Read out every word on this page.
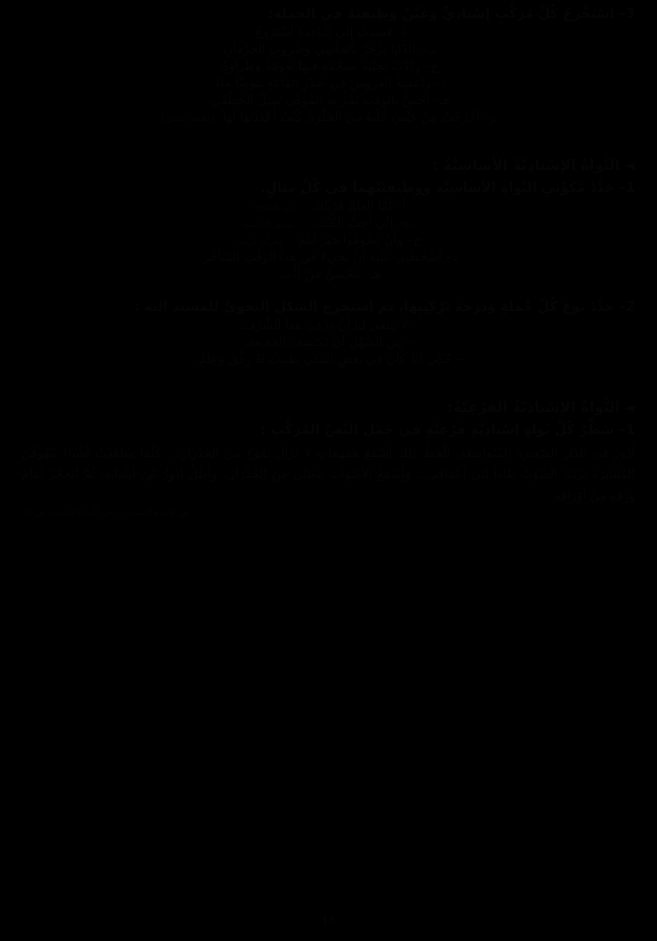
3– اسْتَخْرِجْ كُلَّ مُرَكَّبٍ إسْنادِيٍّ وَعَيِّنْ وَظِيفَتَهُ في الجملة:

أ– قصدتُ إلى النافذةِ أسْتَرْوِحُ.

ب– الدُّنْيا تَزْخَرُ بِالمآسِي وضُروبِ الحِرْمانِ.

ج– ردّدْتْ تَحِيَّتَهُ بِضَحْكَةٍ فيهَا نُعومَةٌ وطَراوَةٌ.

د– راعِشَةُ العروسِ في صَدْرِ القاعةِ تتوضَّأُ ماءً.

هـ– أحسُّ بالوقتِ يَمُرُّ به المُوَقَّى تَمِيلُ الحُطْفَى.

و– أخْرَجْتُ مِنْ جَيْبِي عُلْبَةً مِنَ الحَلْوى كُنْتُ أُعْدَدْتُهَا لَهَا. (محمود تيمور)

◄النَّواةُ الإسْنادِيَّةُ الأساسِيَّةُ :

1– حَدِّدْ مُكَوِّنَيِ النَّواةِ الأساسِيَّةِ ووظيفتَيْهِما في كُلِّ مثالٍ.

أ– أمَّا العِلمُ فَزَيِّنُكَ.   (ابن المقفع)

ب– إنِّي أُحِبُّ الكُتُبَ.   (توفيق الحكيم)

ج– وأَنْ تَصُومُوا خَيْرٌ لَكُمْ.   (قرآن كريم)

د– أسْخَطَنِي عليه أنْ يجِيءَ في هذا الوَقْتِ المُتَأخِّرِ.

هـ– مُحْسِنٌ مَنْ أُدُّبَ.

2– حَدِّدْ نوعَ كُلِّ جُملةٍ وَدَرَجَةَ تَرْكِيبِهَا، ثم استخرج الشكلَ النحويَّ للمسندِ إليه :

– لاَ ينبغي لنا أنْ ندَّعِيَ هذا الشَّرَفَ.

– مِنَ السَّهْلِ أنْ تَكتَشِفَ الخَديعةَ.

– حُكِيَ أنَّهُ كانَ في بعضِ المدنِ طبيبٌ لهُ رِفْقٌ وَعِلْمٌ.

◄النَّواةُ الإسْنادِيَّةُ الفَرْعِيَّةُ:

1– سَطِّرْ كُلَّ نَواةٍ إسْنادِيَّةٍ فَرْعِيَّةٍ في جُمَلِ النَّصِّ المُرَكَّبِ :

أدُورُ في الدَّارِ الصَّغِيرَةِ المُتَواضِعَةِ، ألْحَظُ ذَلِكَ أسْمَعُ هَمَهَمَاتٍ لاَ تَزَالُ تَقْوَحُ مِنَ الجُدْرَانِ... كُلَّمَا شَاهَدْتُ أشْيَاءَ يَنْهُوفُنَ المُتَناثِرَةَ يَزْدَادُ الصَّوْتُ نَفَاذاً إلى أعْمَاقِي... وَأسْمَعُ الأصْوَاتَ تَتَعَالَى مِنَ الجُدْرَانِ، وَأظَلُّ أدُورُ بَيْنَ أشْيائِهِ، ثُمَّ أتَحَجَّرُ أمَامَ وَرَقَةٍ مِنْ أوْرَاقِهِ.

من قاعدة السمان : رجل المرايا القديمة ص 26

13
